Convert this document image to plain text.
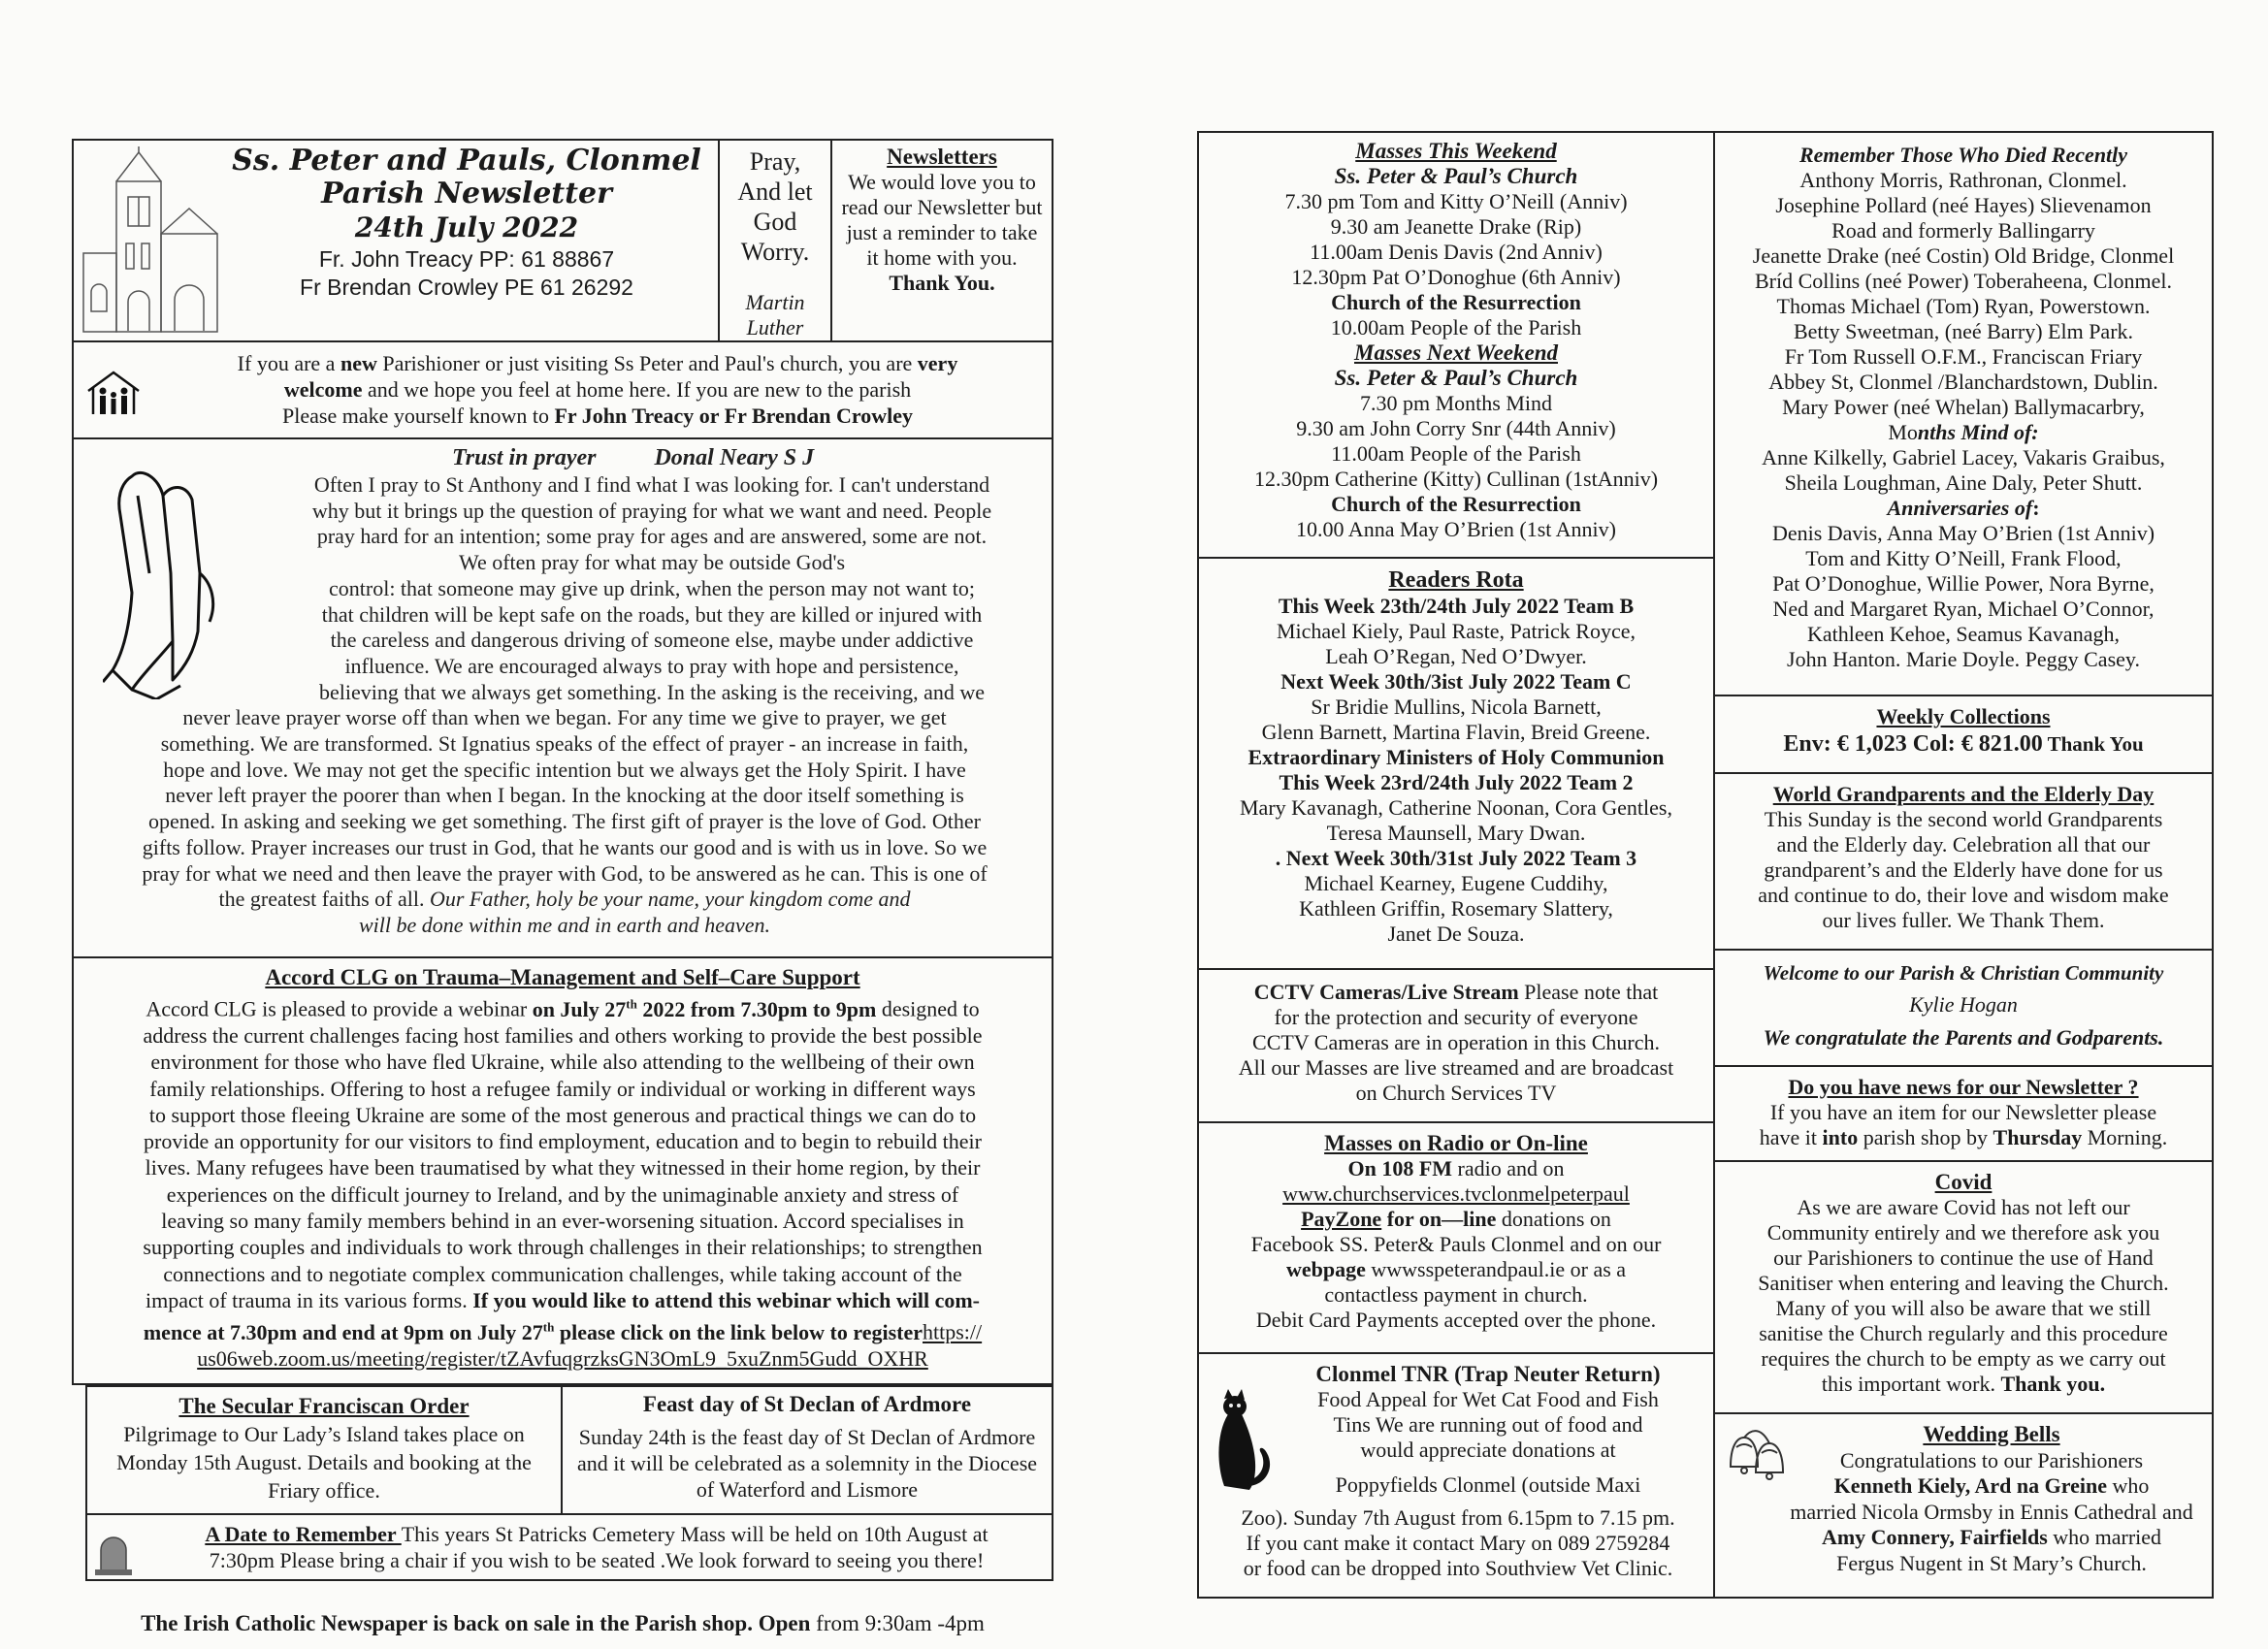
Ss. Peter and Pauls, Clonmel
Parish Newsletter
24th July 2022
Fr. John Treacy PP: 61 88867
Fr Brendan Crowley PE 61 26292
Pray,
And let
God Worry.
Martin
Luther
Newsletters
We would love you to read our Newsletter but just a reminder to take it home with you.
Thank You.

If you are a new Parishioner or just visiting Ss Peter and Paul's church, you are very

welcome and we hope you feel at home here. If you are new to the parish

Please make yourself known to Fr John Treacy or Fr Brendan Crowley

Trust in prayer	Donal Neary S J

Often I pray to St Anthony and I find what I was looking for. I can't understand

why but it brings up the question of praying for what we want and need. People

pray hard for an intention; some pray for ages and are answered, some are not.

We often pray for what may be outside God's

control: that someone may give up drink, when the person may not want to;

that children will be kept safe on the roads, but they are killed or injured with

the careless and dangerous driving of someone else, maybe under addictive

influence. We are encouraged always to pray with hope and persistence,

believing that we always get something. In the asking is the receiving, and we

never leave prayer worse off than when we began. For any time we give to prayer, we get

something. We are transformed. St Ignatius speaks of the effect of prayer - an increase in faith,

hope and love. We may not get the specific intention but we always get the Holy Spirit. I have

never left prayer the poorer than when I began. In the knocking at the door itself something is

opened. In asking and seeking we get something. The first gift of prayer is the love of God. Other

gifts follow. Prayer increases our trust in God, that he wants our good and is with us in love. So we

pray for what we need and then leave the prayer with God, to be answered as he can. This is one of

the greatest faiths of all. Our Father, holy be your name, your kingdom come and

will be done within me and in earth and heaven.

Accord CLG on Trauma–Management and Self–Care Support

Accord CLG is pleased to provide a webinar on July 27th 2022 from 7.30pm to 9pm designed to

address the current challenges facing host families and others working to provide the best possible

environment for those who have fled Ukraine, while also attending to the wellbeing of their own

family relationships. Offering to host a refugee family or individual or working in different ways

to support those fleeing Ukraine are some of the most generous and practical things we can do to

provide an opportunity for our visitors to find employment, education and to begin to rebuild their

lives. Many refugees have been traumatised by what they witnessed in their home region, by their

experiences on the difficult journey to Ireland, and by the unimaginable anxiety and stress of

leaving so many family members behind in an ever-worsening situation. Accord specialises in

supporting couples and individuals to work through challenges in their relationships; to strengthen

connections and to negotiate complex communication challenges, while taking account of the

impact of trauma in its various forms. If you would like to attend this webinar which will com-

mence at 7.30pm and end at 9pm on July 27th please click on the link below to registerhttps://

us06web.zoom.us/meeting/register/tZAvfuqgrzksGN3OmL9_5xuZnm5Gudd_OXHR

The Secular Franciscan Order
Pilgrimage to Our Lady’s Island takes place on Monday 15th August. Details and booking at the Friary office.
Feast day of St Declan of Ardmore
Sunday 24th is the feast day of St Declan of Ardmore and it will be celebrated as a solemnity in the Diocese of Waterford and Lismore

A Date to Remember This years St Patricks Cemetery Mass will be held on 10th August at

7:30pm Please bring a chair if you wish to be seated .We look forward to seeing you there!

The Irish Catholic Newspaper is back on sale in the Parish shop. Open from 9:30am -4pm
Masses This Weekend
Ss. Peter & Paul’s Church
7.30 pm Tom and Kitty O’Neill (Anniv)
9.30 am Jeanette Drake (Rip)
11.00am Denis Davis (2nd Anniv)
12.30pm Pat O’Donoghue (6th Anniv)
Church of the Resurrection
10.00am People of the Parish
Masses Next Weekend
Ss. Peter & Paul’s Church
7.30 pm Months Mind
9.30 am John Corry Snr (44th Anniv)
11.00am People of the Parish
12.30pm Catherine (Kitty) Cullinan (1stAnniv)
Church of the Resurrection
10.00 Anna May O’Brien (1st Anniv)
Readers Rota
This Week 23th/24th July 2022 Team B
Michael Kiely, Paul Raste, Patrick Royce,
Leah O’Regan, Ned O’Dwyer.
Next Week 30th/3ist July 2022 Team C
Sr Bridie Mullins, Nicola Barnett,
Glenn Barnett, Martina Flavin, Breid Greene.
Extraordinary Ministers of Holy Communion
This Week 23rd/24th July 2022 Team 2
Mary Kavanagh, Catherine Noonan, Cora Gentles,
Teresa Maunsell, Mary Dwan.
. Next Week 30th/31st July 2022 Team 3
Michael Kearney, Eugene Cuddihy,
Kathleen Griffin, Rosemary Slattery,
Janet De Souza.
CCTV Cameras/Live Stream Please note that
for the protection and security of everyone
CCTV Cameras are in operation in this Church.
All our Masses are live streamed and are broadcast
on Church Services TV
Masses on Radio or On-line
On 108 FM radio and on
www.churchservices.tvclonmelpeterpaul
PayZone for on—line donations on
Facebook SS. Peter& Pauls Clonmel and on our
webpage wwwsspeterandpaul.ie or as a
contactless payment in church.
Debit Card Payments accepted over the phone.

Clonmel TNR (Trap Neuter Return)

Food Appeal for Wet Cat Food and Fish

Tins We are running out of food and

would appreciate donations at

Poppyfields Clonmel (outside Maxi

Zoo). Sunday 7th August from 6.15pm to 7.15 pm.

If you cant make it contact Mary on 089 2759284

or food can be dropped into Southview Vet Clinic.

Remember Those Who Died Recently
Anthony Morris, Rathronan, Clonmel.
Josephine Pollard (neé Hayes) Slievenamon
Road and formerly Ballingarry
Jeanette Drake (neé Costin) Old Bridge, Clonmel
Bríd Collins (neé Power) Toberaheena, Clonmel.
Thomas Michael (Tom) Ryan, Powerstown.
Betty Sweetman, (neé Barry) Elm Park.
Fr Tom Russell O.F.M., Franciscan Friary
Abbey St, Clonmel /Blanchardstown, Dublin.
Mary Power (neé Whelan) Ballymacarbry,
Months Mind of:
Anne Kilkelly, Gabriel Lacey, Vakaris Graibus,
Sheila Loughman, Aine Daly, Peter Shutt.
Anniversaries of:
Denis Davis, Anna May O’Brien (1st Anniv)
Tom and Kitty O’Neill, Frank Flood,
Pat O’Donoghue, Willie Power, Nora Byrne,
Ned and Margaret Ryan, Michael O’Connor,
Kathleen Kehoe, Seamus Kavanagh,
John Hanton. Marie Doyle. Peggy Casey.
Weekly Collections
Env: € 1,023 Col: € 821.00 Thank You
World Grandparents and the Elderly Day
This Sunday is the second world Grandparents
and the Elderly day. Celebration all that our
grandparent’s and the Elderly have done for us
and continue to do, their love and wisdom make
our lives fuller. We Thank Them.
Welcome to our Parish & Christian Community
Kylie Hogan
We congratulate the Parents and Godparents.
Do you have news for our Newsletter ?
If you have an item for our Newsletter please
have it into parish shop by Thursday Morning.
Covid
As we are aware Covid has not left our
Community entirely and we therefore ask you
our Parishioners to continue the use of Hand
Sanitiser when entering and leaving the Church.
Many of you will also be aware that we still
sanitise the Church regularly and this procedure
requires the church to be empty as we carry out
this important work. Thank you.

Wedding Bells

Congratulations to our Parishioners

Kenneth Kiely, Ard na Greine who

married Nicola Ormsby in Ennis Cathedral and

Amy Connery, Fairfields who married

Fergus Nugent in St Mary’s Church.
